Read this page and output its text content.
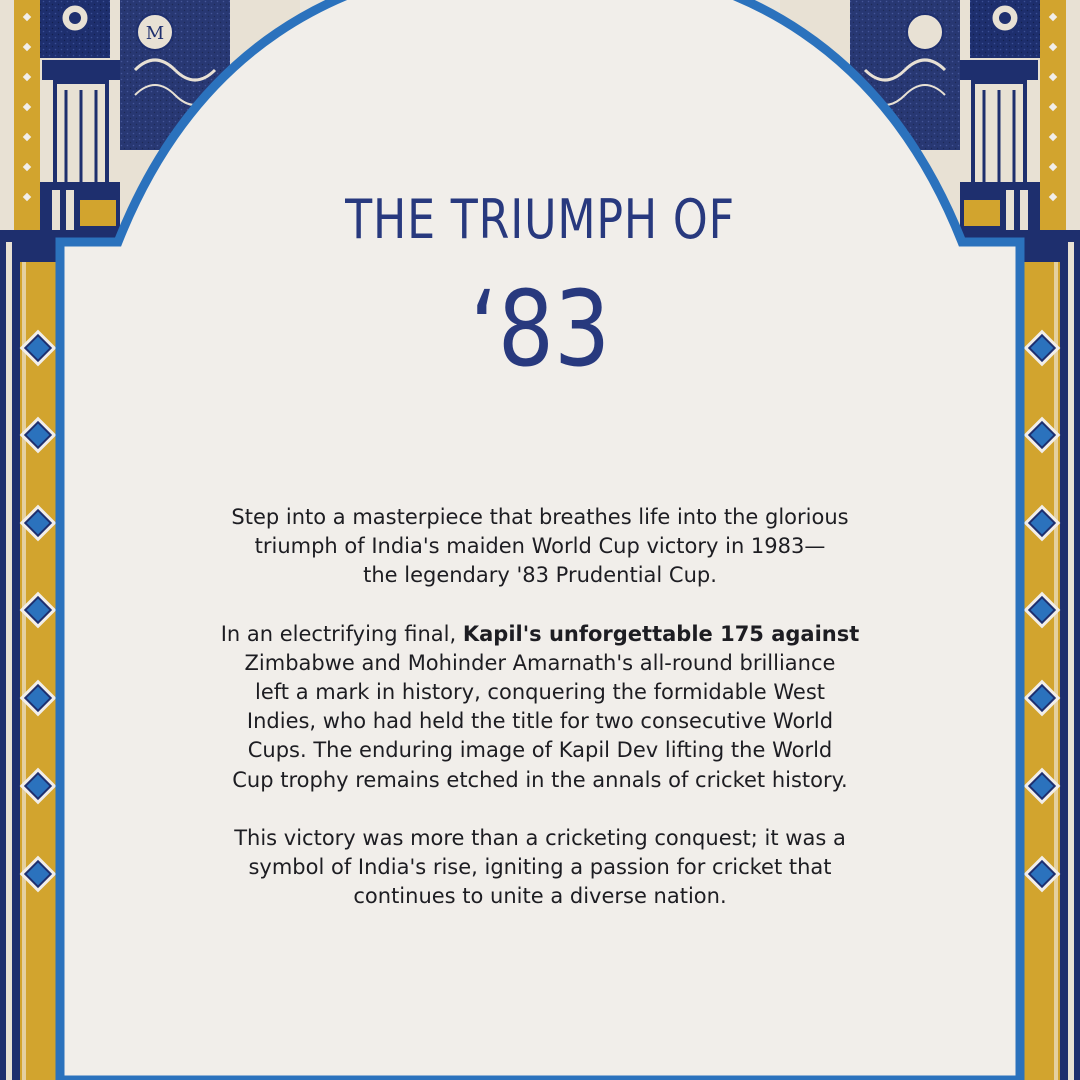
M
THE TRIUMPH OF
‘83

Step into a masterpiece that breathes life into the glorious
triumph of India's maiden World Cup victory in 1983—
the legendary '83 Prudential Cup.

In an electrifying final, Kapil's unforgettable 175 against
Zimbabwe and Mohinder Amarnath's all-round brilliance
left a mark in history, conquering the formidable West
Indies, who had held the title for two consecutive World
Cups. The enduring image of Kapil Dev lifting the World
Cup trophy remains etched in the annals of cricket history.

This victory was more than a cricketing conquest; it was a
symbol of India's rise, igniting a passion for cricket that
continues to unite a diverse nation.
